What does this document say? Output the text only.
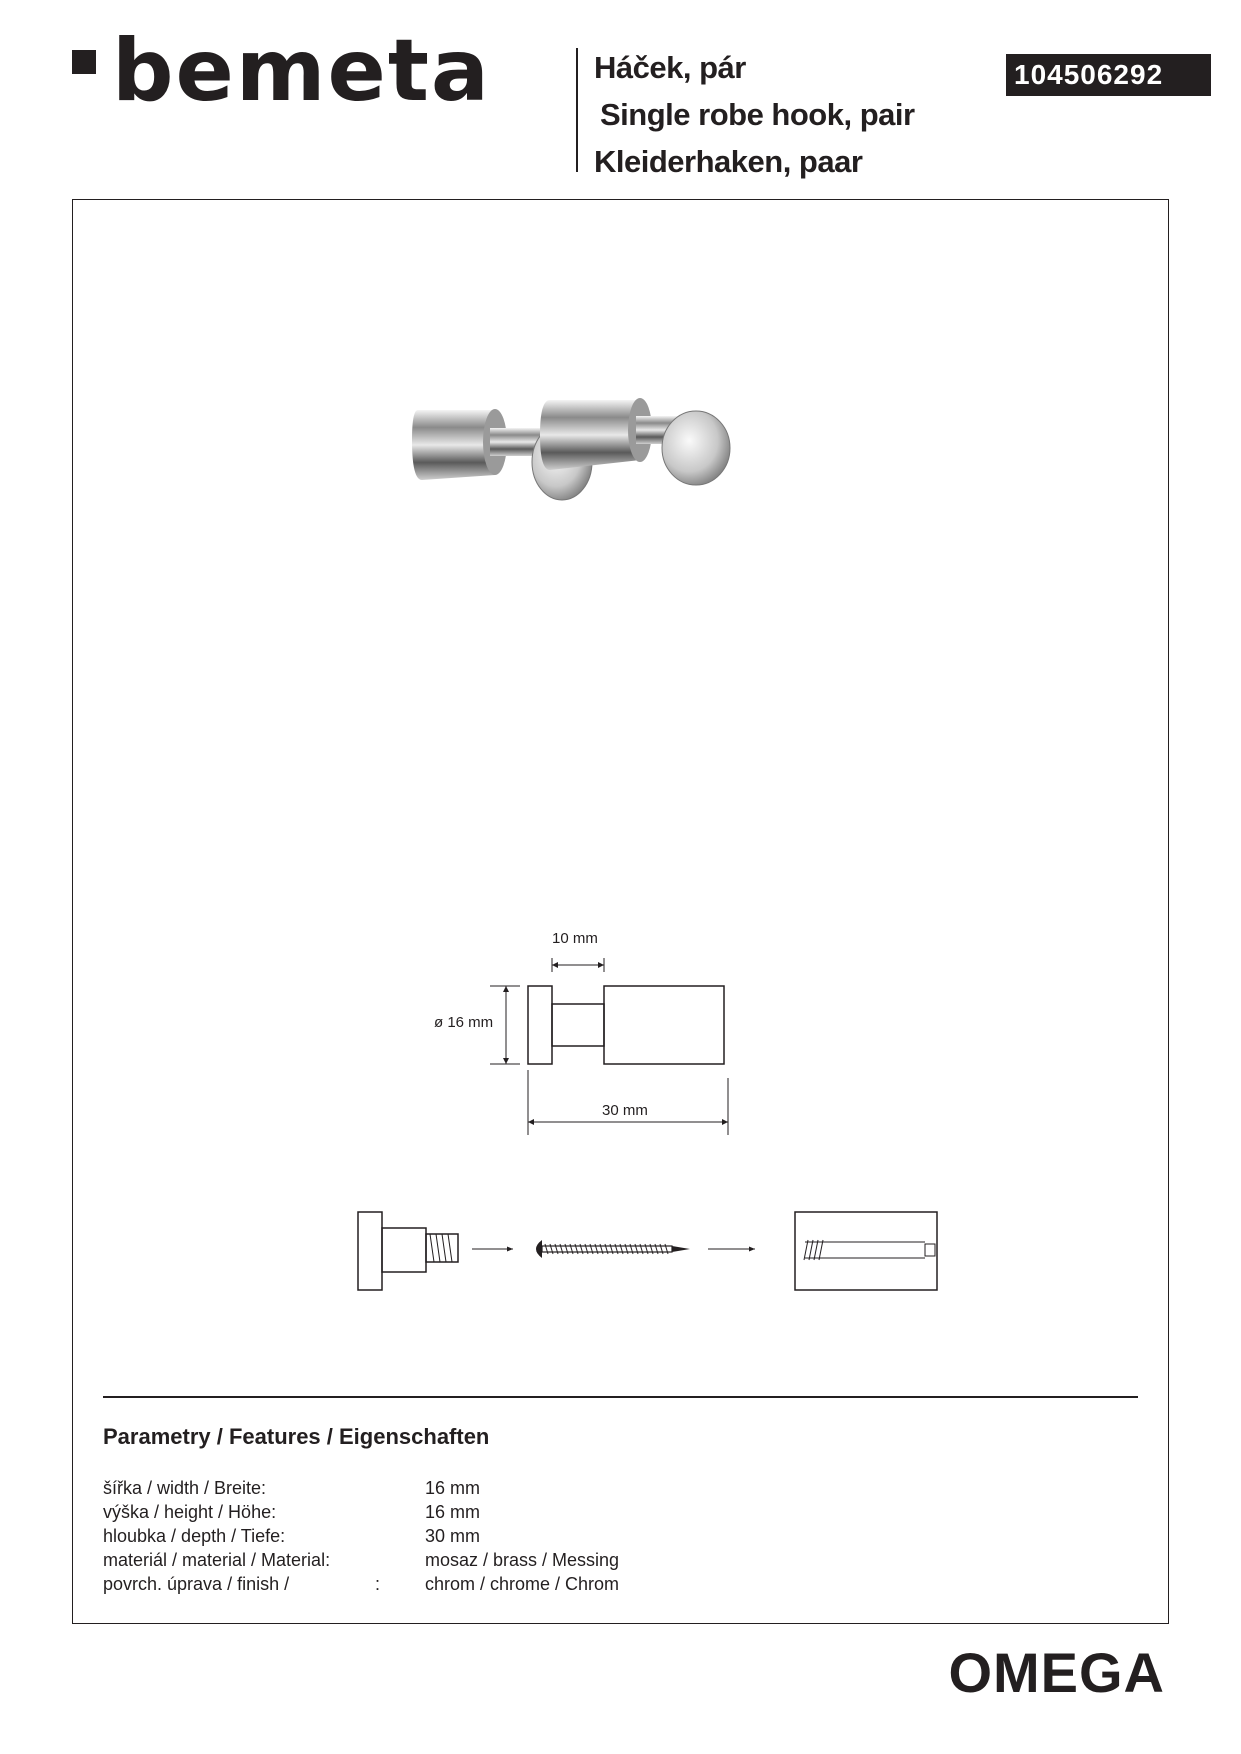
bemeta	Háček, pár
Single robe hook, pair
Kleiderhaken, paar
104506292
10 mm
ø 16 mm
30 mm
Parametry / Features / Eigenschaften
šířka / width / Breite:	16 mm
výška / height / Höhe:	16 mm
hloubka / depth / Tiefe:	30 mm
materiál / material / Material:	mosaz / brass / Messing
povrch. úprava / finish /	: chrom / chrome / Chrom
OMEGA
